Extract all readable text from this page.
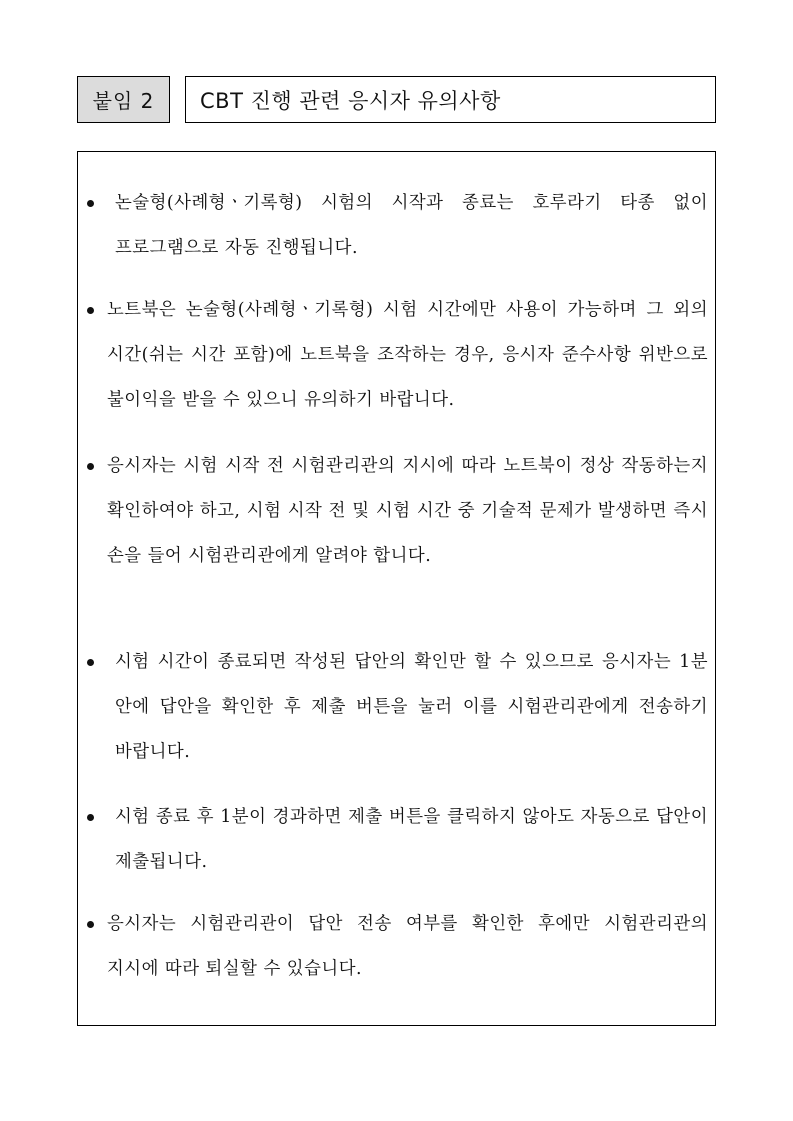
붙임 2	CBT 진행 관련 응시자 유의사항
논술형(사례형ㆍ기록형) 시험의 시작과 종료는 호루라기 타종 없이 프로그램으로 자동 진행됩니다.
노트북은 논술형(사례형ㆍ기록형) 시험 시간에만 사용이 가능하며 그 외의 시간(쉬는 시간 포함)에 노트북을 조작하는 경우, 응시자 준수사항 위반으로 불이익을 받을 수 있으니 유의하기 바랍니다.
응시자는 시험 시작 전 시험관리관의 지시에 따라 노트북이 정상 작동하는지 확인하여야 하고, 시험 시작 전 및 시험 시간 중 기술적 문제가 발생하면 즉시 손을 들어 시험관리관에게 알려야 합니다.
시험 시간이 종료되면 작성된 답안의 확인만 할 수 있으므로 응시자는 1분 안에 답안을 확인한 후 제출 버튼을 눌러 이를 시험관리관에게 전송하기 바랍니다.
시험 종료 후 1분이 경과하면 제출 버튼을 클릭하지 않아도 자동으로 답안이 제출됩니다.
응시자는 시험관리관이 답안 전송 여부를 확인한 후에만 시험관리관의 지시에 따라 퇴실할 수 있습니다.
